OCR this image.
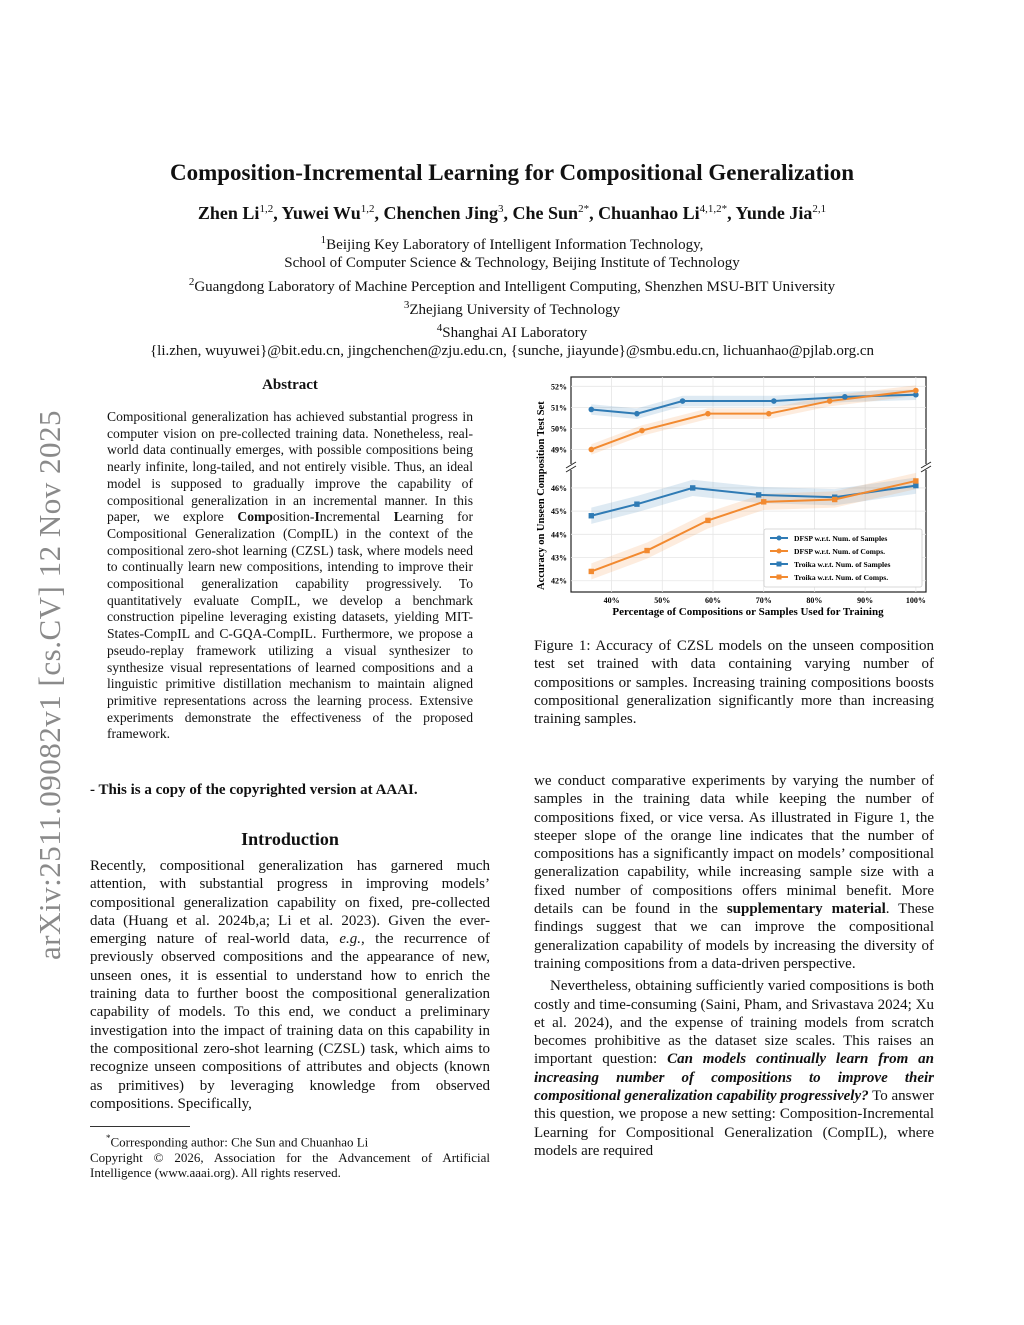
arXiv:2511.09082v1 [cs.CV] 12 Nov 2025
Composition-Incremental Learning for Compositional Generalization
Zhen Li$^{1,2}$, Yuwei Wu$^{1,2}$, Chenchen Jing$^3$, Che Sun$^{2*}$, Chuanhao $Li^{4,1,2*}$, Yunde Jia$^{2,1}$
$^1$Beijing Key Laboratory of Intelligent Information Technology,
School of Computer Science & Technology, Beijing Institute of Technology
$^2$Guangdong Laboratory of Machine Perception and Intelligent Computing, Shenzhen MSU-BIT University
$^3$Zhejiang University of Technology
$^4$Shanghai AI Laboratory
{li.zhen, wuyuwei}@bit.edu.cn, jingchenchen@zju.edu.cn, {sunche, jiayunde}@smbu.edu.cn, lichuanhao@pjlab.org.cn
Abstract
Compositional generalization has achieved substantial progress in computer vision on pre-collected training data. Nonetheless, real-world data continually emerges, with possible compositions being nearly infinite, long-tailed, and not entirely visible. Thus, an ideal model is supposed to gradually improve the capability of compositional generalization in an incremental manner. In this paper, we explore Composition-Incremental Learning for Compositional Generalization (CompIL) in the context of the compositional zero-shot learning (CZSL) task, where models need to continually learn new compositions, intending to improve their compositional generalization capability progressively. To quantitatively evaluate CompIL, we develop a benchmark construction pipeline leveraging existing datasets, yielding MIT-States-CompIL and C-GQA-CompIL. Furthermore, we propose a pseudo-replay framework utilizing a visual synthesizer to synthesize visual representations of learned compositions and a linguistic primitive distillation mechanism to maintain aligned primitive representations across the learning process. Extensive experiments demonstrate the effectiveness of the proposed framework.
- This is a copy of the copyrighted version at AAAI.
Introduction
Recently, compositional generalization has garnered much attention, with substantial progress in improving models’ compositional generalization capability on fixed, pre-collected data (Huang et al. 2024b,a; Li et al. 2023). Given the ever-emerging nature of real-world data, e.g., the recurrence of previously observed compositions and the appearance of new, unseen ones, it is essential to understand how to enrich the training data to further boost the compositional generalization capability of models. To this end, we conduct a preliminary investigation into the impact of training data on this capability in the compositional zero-shot learning (CZSL) task, which aims to recognize unseen compositions of attributes and objects (known as primitives) by leveraging knowledge from observed compositions. Specifically,
*Corresponding author: Che Sun and Chuanhao Li
Copyright © 2026, Association for the Advancement of Artificial Intelligence (www.aaai.org). All rights reserved.
40%	50%	60%	70%	80%	90%	100%
49%
50%
51%
52%
42%
43%
44%
45%
46%
Accuracy on Unseen Composition Test Set
Percentage of Compositions or Samples Used for Training
DFSP w.r.t. Num. of Samples
DFSP w.r.t. Num. of Comps.
Troika w.r.t. Num. of Samples
Troika w.r.t. Num. of Comps.
Figure 1: Accuracy of CZSL models on the unseen composition test set trained with data containing varying number of compositions or samples. Increasing training compositions boosts compositional generalization significantly more than increasing training samples.

we conduct comparative experiments by varying the number of samples in the training data while keeping the number of compositions fixed, or vice versa. As illustrated in Figure 1, the steeper slope of the orange line indicates that the number of compositions has a significantly impact on models’ compositional generalization capability, while increasing sample size with a fixed number of compositions offers minimal benefit. More details can be found in the supplementary material. These findings suggest that we can improve the compositional generalization capability of models by increasing the diversity of training compositions from a data-driven perspective.

Nevertheless, obtaining sufficiently varied compositions is both costly and time-consuming (Saini, Pham, and Srivastava 2024; Xu et al. 2024), and the expense of training models from scratch becomes prohibitive as the dataset size scales. This raises an important question: Can models continually learn from an increasing number of compositions to improve their compositional generalization capability progressively? To answer this question, we propose a new setting: Composition-Incremental Learning for Compositional Generalization (CompIL), where models are required
